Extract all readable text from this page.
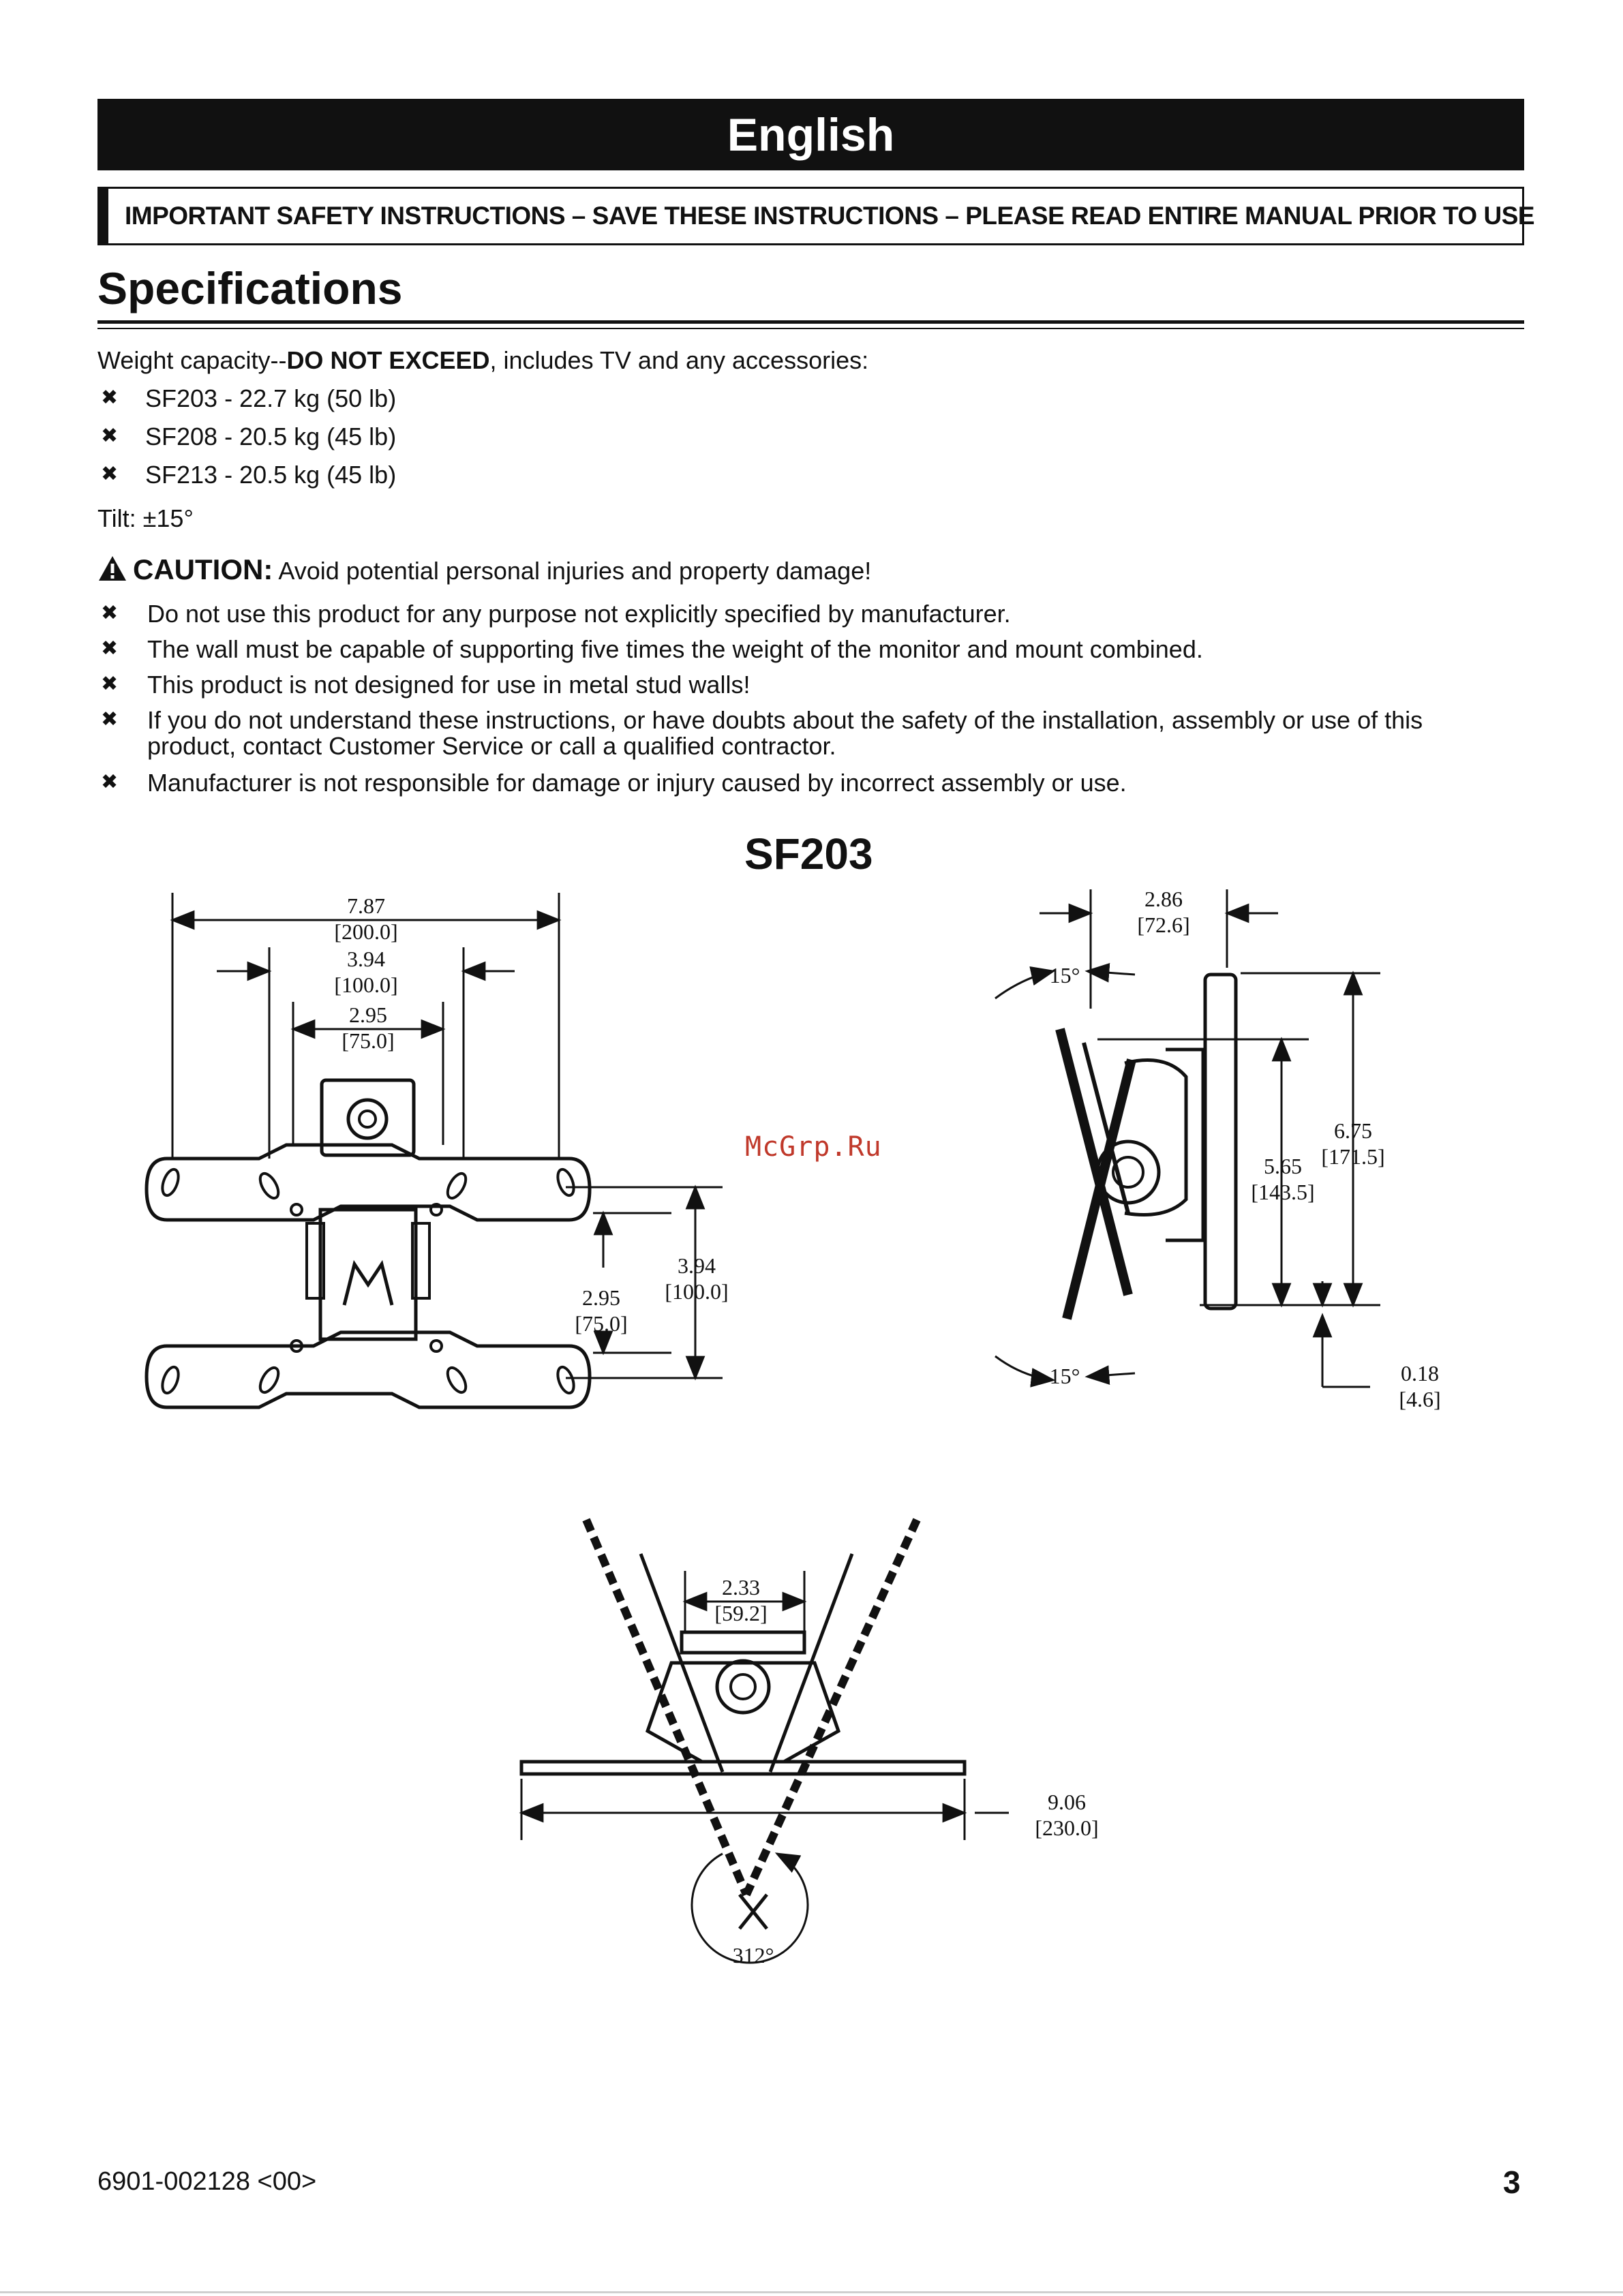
English
IMPORTANT SAFETY INSTRUCTIONS – SAVE THESE INSTRUCTIONS – PLEASE READ ENTIRE MANUAL PRIOR TO USE
Specifications

Weight capacity--DO NOT EXCEED, includes TV and any accessories:

✖ SF203 - 22.7 kg (50 lb)
✖ SF208 - 20.5 kg (45 lb)
✖ SF213 - 20.5 kg (45 lb)

Tilt: ±15°

CAUTION: Avoid potential personal injuries and property damage!

✖ Do not use this product for any purpose not explicitly specified by manufacturer.
✖ The wall must be capable of supporting five times the weight of the monitor and mount combined.
✖ This product is not designed for use in metal stud walls!
✖ If you do not understand these instructions, or have doubts about the safety of the installation, assembly or use of this
product, contact Customer Service or call a qualified contractor.
✖ Manufacturer is not responsible for damage or injury caused by incorrect assembly or use.
SF203
7.87
[200.0]
3.94
[100.0]
2.95
[75.0]
2.95
[75.0]
3.94
[100.0]
2.86
[72.6]
15°
15°
5.65
[143.5]
6.75
[171.5]
0.18
[4.6]
2.33
[59.2]
9.06
[230.0]
312°
McGrp.Ru
6901-002128 <00>	3
